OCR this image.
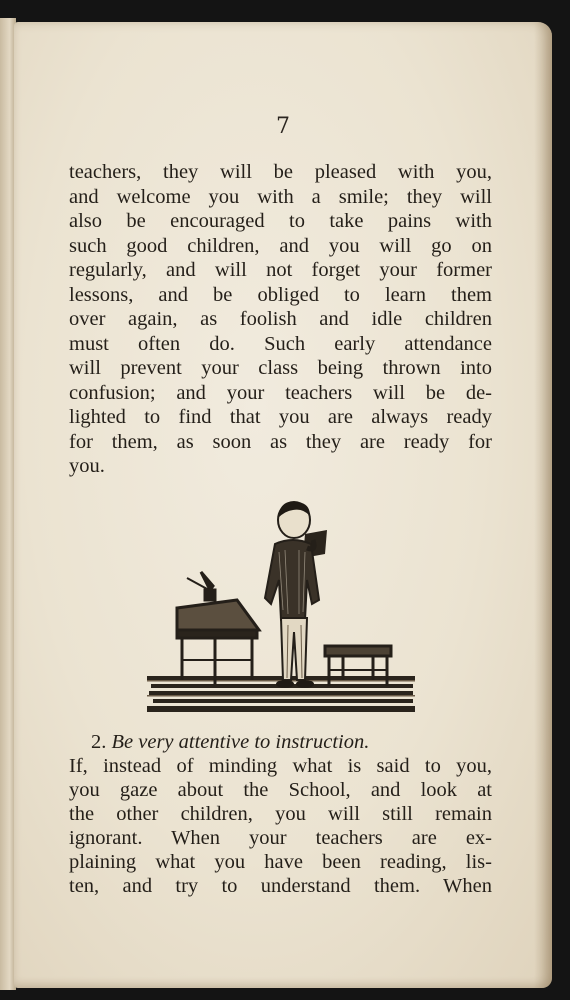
7
teachers, they will be pleased with you,
and welcome you with a smile; they will
also be encouraged to take pains with
such good children, and you will go on
regularly, and will not forget your former
lessons, and be obliged to learn them
over again, as foolish and idle children
must often do. Such early attendance
will prevent your class being thrown into
confusion; and your teachers will be de-
lighted to find that you are always ready
for them, as soon as they are ready for
you.
2. Be very attentive to instruction.
If, instead of minding what is said to you,
you gaze about the School, and look at
the other children, you will still remain
ignorant. When your teachers are ex-
plaining what you have been reading, lis-
ten, and try to understand them. When
